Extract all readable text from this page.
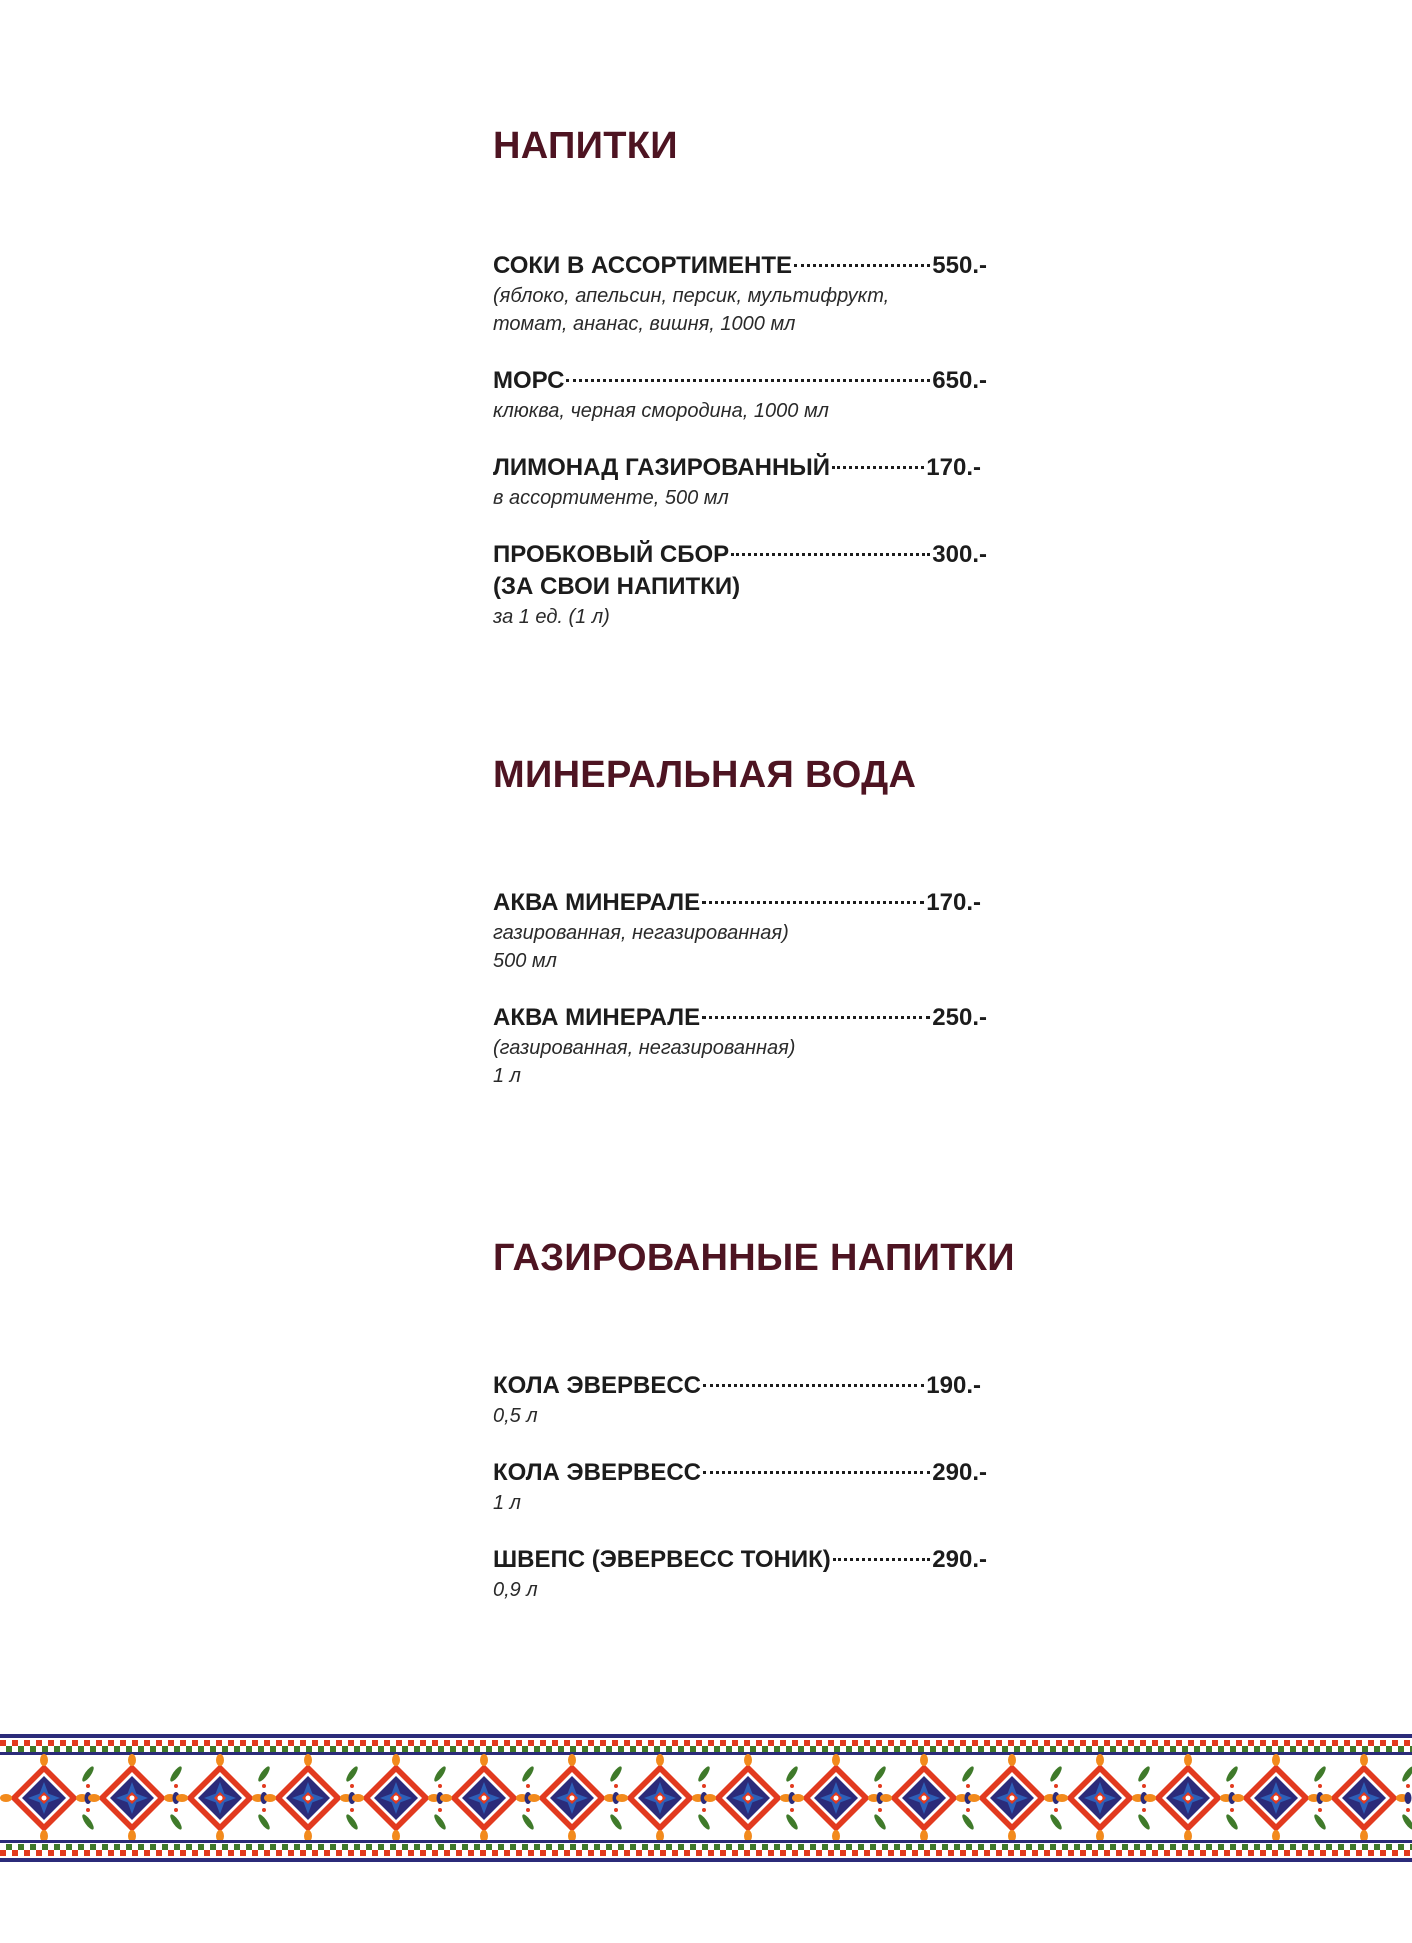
НАПИТКИ
СОКИ В АССОРТИМЕНТЕ	550.-
(яблоко, апельсин, персик, мультифрукт,
томат, ананас, вишня, 1000 мл
МОРС	650.-
клюква, черная смородина, 1000 мл
ЛИМОНАД ГАЗИРОВАННЫЙ	170.-
в ассортименте, 500 мл
ПРОБКОВЫЙ СБОР	300.-
(ЗА СВОИ НАПИТКИ)
за 1 ед. (1 л)
МИНЕРАЛЬНАЯ ВОДА
АКВА МИНЕРАЛЕ	170.-
газированная, негазированная)
500 мл
АКВА МИНЕРАЛЕ	250.-
(газированная, негазированная)
1 л
ГАЗИРОВАННЫЕ НАПИТКИ
КОЛА ЭВЕРВЕСС	190.-
0,5 л
КОЛА ЭВЕРВЕСС	290.-
1 л
ШВЕПС (ЭВЕРВЕСС ТОНИК)	290.-
0,9 л
